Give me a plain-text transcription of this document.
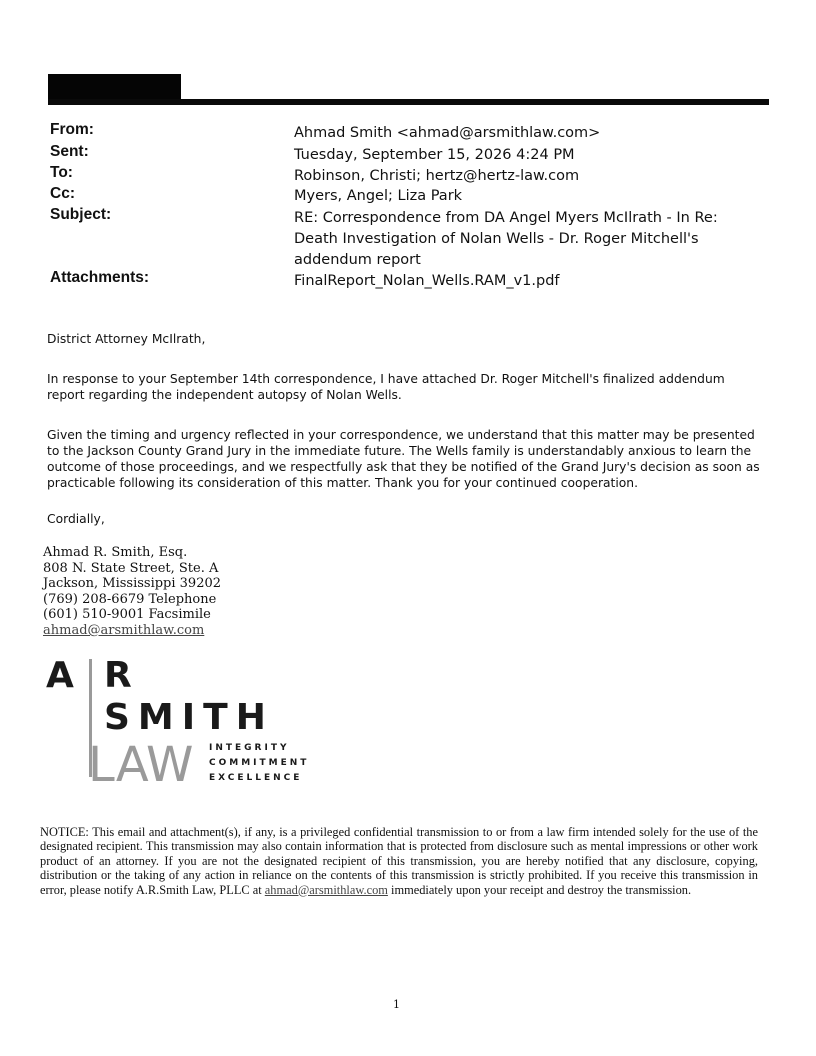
From:
Sent:
To:
Cc:
Subject:
Attachments:
Ahmad Smith <ahmad@arsmithlaw.com>
Tuesday, September 15, 2026 4:24 PM
Robinson, Christi; hertz@hertz-law.com
Myers, Angel; Liza Park
RE: Correspondence from DA Angel Myers McIlrath - In Re: Death Investigation of Nolan Wells - Dr. Roger Mitchell's addendum report
FinalReport_Nolan_Wells.RAM_v1.pdf
District Attorney McIlrath,
In response to your September 14th correspondence, I have attached Dr. Roger Mitchell's finalized addendum report regarding the independent autopsy of Nolan Wells.
Given the timing and urgency reflected in your correspondence, we understand that this matter may be presented to the Jackson County Grand Jury in the immediate future. The Wells family is understandably anxious to learn the outcome of those proceedings, and we respectfully ask that they be notified of the Grand Jury's decision as soon as practicable following its consideration of this matter. Thank you for your continued cooperation.
Cordially,
Ahmad R. Smith, Esq.
808 N. State Street, Ste. A
Jackson, Mississippi 39202
(769) 208-6679 Telephone
(601) 510-9001 Facsimile
ahmad@arsmithlaw.com
A R
SMITH
LAW INTEGRITY
COMMITMENT
EXCELLENCE
NOTICE: This email and attachment(s), if any, is a privileged confidential transmission to or from a law firm intended solely for the use of the designated recipient. This transmission may also contain information that is protected from disclosure such as mental impressions or other work product of an attorney. If you are not the designated recipient of this transmission, you are hereby notified that any disclosure, copying, distribution or the taking of any action in reliance on the contents of this transmission is strictly prohibited. If you receive this transmission in error, please notify A.R.Smith Law, PLLC at ahmad@arsmithlaw.com immediately upon your receipt and destroy the transmission.
1
